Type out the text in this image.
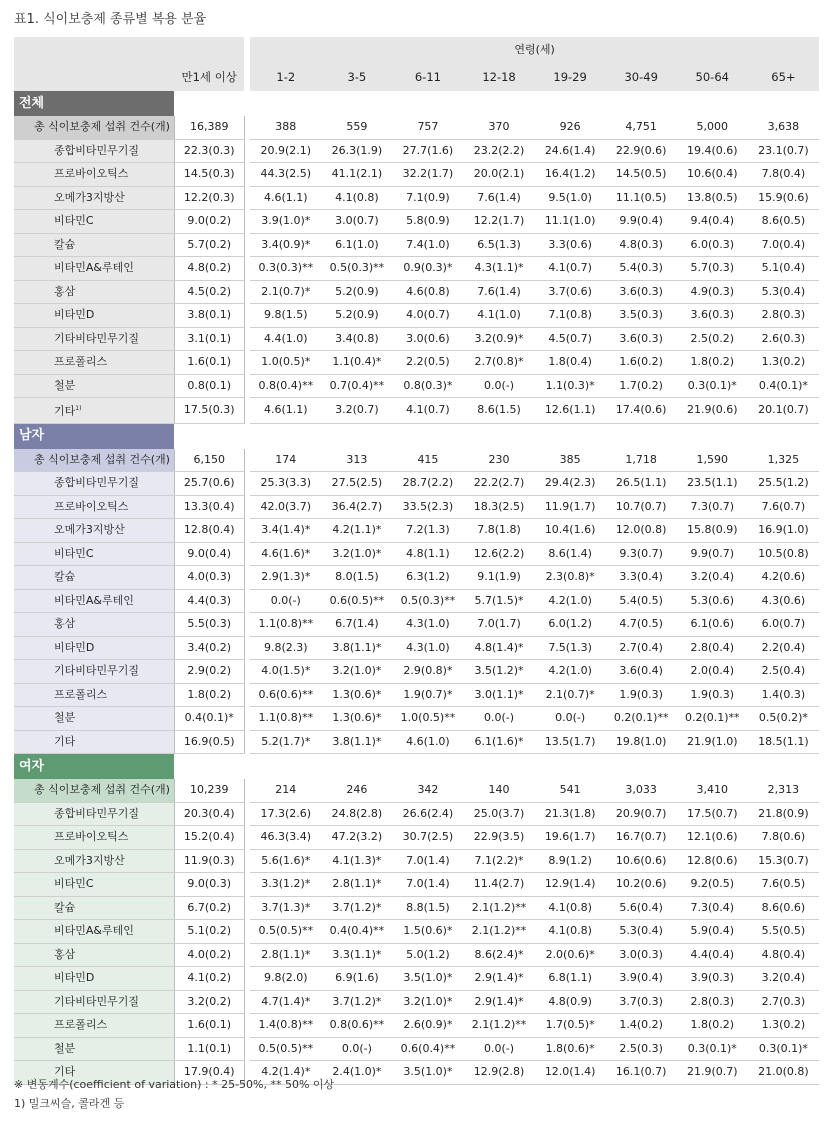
표1. 식이보충제 종류별 복용 분율
			연령(세)							
	만1세 이상		1-2	3-5	6-11	12-18	19-29	30-49	50-64	65+
전체										
총 식이보충제 섭취 건수(개)	16,389		388	559	757	370	926	4,751	5,000	3,638
종합비타민무기질	22.3(0.3)		20.9(2.1)	26.3(1.9)	27.7(1.6)	23.2(2.2)	24.6(1.4)	22.9(0.6)	19.4(0.6)	23.1(0.7)
프로바이오틱스	14.5(0.3)		44.3(2.5)	41.1(2.1)	32.2(1.7)	20.0(2.1)	16.4(1.2)	14.5(0.5)	10.6(0.4)	7.8(0.4)
오메가3지방산	12.2(0.3)		4.6(1.1)	4.1(0.8)	7.1(0.9)	7.6(1.4)	9.5(1.0)	11.1(0.5)	13.8(0.5)	15.9(0.6)
비타민C	9.0(0.2)		3.9(1.0)*	3.0(0.7)	5.8(0.9)	12.2(1.7)	11.1(1.0)	9.9(0.4)	9.4(0.4)	8.6(0.5)
칼슘	5.7(0.2)		3.4(0.9)*	6.1(1.0)	7.4(1.0)	6.5(1.3)	3.3(0.6)	4.8(0.3)	6.0(0.3)	7.0(0.4)
비타민A&루테인	4.8(0.2)		0.3(0.3)**	0.5(0.3)**	0.9(0.3)*	4.3(1.1)*	4.1(0.7)	5.4(0.3)	5.7(0.3)	5.1(0.4)
홍삼	4.5(0.2)		2.1(0.7)*	5.2(0.9)	4.6(0.8)	7.6(1.4)	3.7(0.6)	3.6(0.3)	4.9(0.3)	5.3(0.4)
비타민D	3.8(0.1)		9.8(1.5)	5.2(0.9)	4.0(0.7)	4.1(1.0)	7.1(0.8)	3.5(0.3)	3.6(0.3)	2.8(0.3)
기타비타민무기질	3.1(0.1)		4.4(1.0)	3.4(0.8)	3.0(0.6)	3.2(0.9)*	4.5(0.7)	3.6(0.3)	2.5(0.2)	2.6(0.3)
프로폴리스	1.6(0.1)		1.0(0.5)*	1.1(0.4)*	2.2(0.5)	2.7(0.8)*	1.8(0.4)	1.6(0.2)	1.8(0.2)	1.3(0.2)
철분	0.8(0.1)		0.8(0.4)**	0.7(0.4)**	0.8(0.3)*	0.0(-)	1.1(0.3)*	1.7(0.2)	0.3(0.1)*	0.4(0.1)*
기타$^{1)}$	17.5(0.3)		4.6(1.1)	3.2(0.7)	4.1(0.7)	8.6(1.5)	12.6(1.1)	17.4(0.6)	21.9(0.6)	20.1(0.7)
남자										
총 식이보충제 섭취 건수(개)	6,150		174	313	415	230	385	1,718	1,590	1,325
종합비타민무기질	25.7(0.6)		25.3(3.3)	27.5(2.5)	28.7(2.2)	22.2(2.7)	29.4(2.3)	26.5(1.1)	23.5(1.1)	25.5(1.2)
프로바이오틱스	13.3(0.4)		42.0(3.7)	36.4(2.7)	33.5(2.3)	18.3(2.5)	11.9(1.7)	10.7(0.7)	7.3(0.7)	7.6(0.7)
오메가3지방산	12.8(0.4)		3.4(1.4)*	4.2(1.1)*	7.2(1.3)	7.8(1.8)	10.4(1.6)	12.0(0.8)	15.8(0.9)	16.9(1.0)
비타민C	9.0(0.4)		4.6(1.6)*	3.2(1.0)*	4.8(1.1)	12.6(2.2)	8.6(1.4)	9.3(0.7)	9.9(0.7)	10.5(0.8)
칼슘	4.0(0.3)		2.9(1.3)*	8.0(1.5)	6.3(1.2)	9.1(1.9)	2.3(0.8)*	3.3(0.4)	3.2(0.4)	4.2(0.6)
비타민A&루테인	4.4(0.3)		0.0(-)	0.6(0.5)**	0.5(0.3)**	5.7(1.5)*	4.2(1.0)	5.4(0.5)	5.3(0.6)	4.3(0.6)
홍삼	5.5(0.3)		1.1(0.8)**	6.7(1.4)	4.3(1.0)	7.0(1.7)	6.0(1.2)	4.7(0.5)	6.1(0.6)	6.0(0.7)
비타민D	3.4(0.2)		9.8(2.3)	3.8(1.1)*	4.3(1.0)	4.8(1.4)*	7.5(1.3)	2.7(0.4)	2.8(0.4)	2.2(0.4)
기타비타민무기질	2.9(0.2)		4.0(1.5)*	3.2(1.0)*	2.9(0.8)*	3.5(1.2)*	4.2(1.0)	3.6(0.4)	2.0(0.4)	2.5(0.4)
프로폴리스	1.8(0.2)		0.6(0.6)**	1.3(0.6)*	1.9(0.7)*	3.0(1.1)*	2.1(0.7)*	1.9(0.3)	1.9(0.3)	1.4(0.3)
철분	0.4(0.1)*		1.1(0.8)**	1.3(0.6)*	1.0(0.5)**	0.0(-)	0.0(-)	0.2(0.1)**	0.2(0.1)**	0.5(0.2)*
기타	16.9(0.5)		5.2(1.7)*	3.8(1.1)*	4.6(1.0)	6.1(1.6)*	13.5(1.7)	19.8(1.0)	21.9(1.0)	18.5(1.1)
여자										
총 식이보충제 섭취 건수(개)	10,239		214	246	342	140	541	3,033	3,410	2,313
종합비타민무기질	20.3(0.4)		17.3(2.6)	24.8(2.8)	26.6(2.4)	25.0(3.7)	21.3(1.8)	20.9(0.7)	17.5(0.7)	21.8(0.9)
프로바이오틱스	15.2(0.4)		46.3(3.4)	47.2(3.2)	30.7(2.5)	22.9(3.5)	19.6(1.7)	16.7(0.7)	12.1(0.6)	7.8(0.6)
오메가3지방산	11.9(0.3)		5.6(1.6)*	4.1(1.3)*	7.0(1.4)	7.1(2.2)*	8.9(1.2)	10.6(0.6)	12.8(0.6)	15.3(0.7)
비타민C	9.0(0.3)		3.3(1.2)*	2.8(1.1)*	7.0(1.4)	11.4(2.7)	12.9(1.4)	10.2(0.6)	9.2(0.5)	7.6(0.5)
칼슘	6.7(0.2)		3.7(1.3)*	3.7(1.2)*	8.8(1.5)	2.1(1.2)**	4.1(0.8)	5.6(0.4)	7.3(0.4)	8.6(0.6)
비타민A&루테인	5.1(0.2)		0.5(0.5)**	0.4(0.4)**	1.5(0.6)*	2.1(1.2)**	4.1(0.8)	5.3(0.4)	5.9(0.4)	5.5(0.5)
홍삼	4.0(0.2)		2.8(1.1)*	3.3(1.1)*	5.0(1.2)	8.6(2.4)*	2.0(0.6)*	3.0(0.3)	4.4(0.4)	4.8(0.4)
비타민D	4.1(0.2)		9.8(2.0)	6.9(1.6)	3.5(1.0)*	2.9(1.4)*	6.8(1.1)	3.9(0.4)	3.9(0.3)	3.2(0.4)
기타비타민무기질	3.2(0.2)		4.7(1.4)*	3.7(1.2)*	3.2(1.0)*	2.9(1.4)*	4.8(0.9)	3.7(0.3)	2.8(0.3)	2.7(0.3)
프로폴리스	1.6(0.1)		1.4(0.8)**	0.8(0.6)**	2.6(0.9)*	2.1(1.2)**	1.7(0.5)*	1.4(0.2)	1.8(0.2)	1.3(0.2)
철분	1.1(0.1)		0.5(0.5)**	0.0(-)	0.6(0.4)**	0.0(-)	1.8(0.6)*	2.5(0.3)	0.3(0.1)*	0.3(0.1)*
기타	17.9(0.4)		4.2(1.4)*	2.4(1.0)*	3.5(1.0)*	12.9(2.8)	12.0(1.4)	16.1(0.7)	21.9(0.7)	21.0(0.8)
※ 변동계수(coefficient of variation) : * 25-50%, ** 50% 이상
1) 밀크씨슬, 콜라겐 등
